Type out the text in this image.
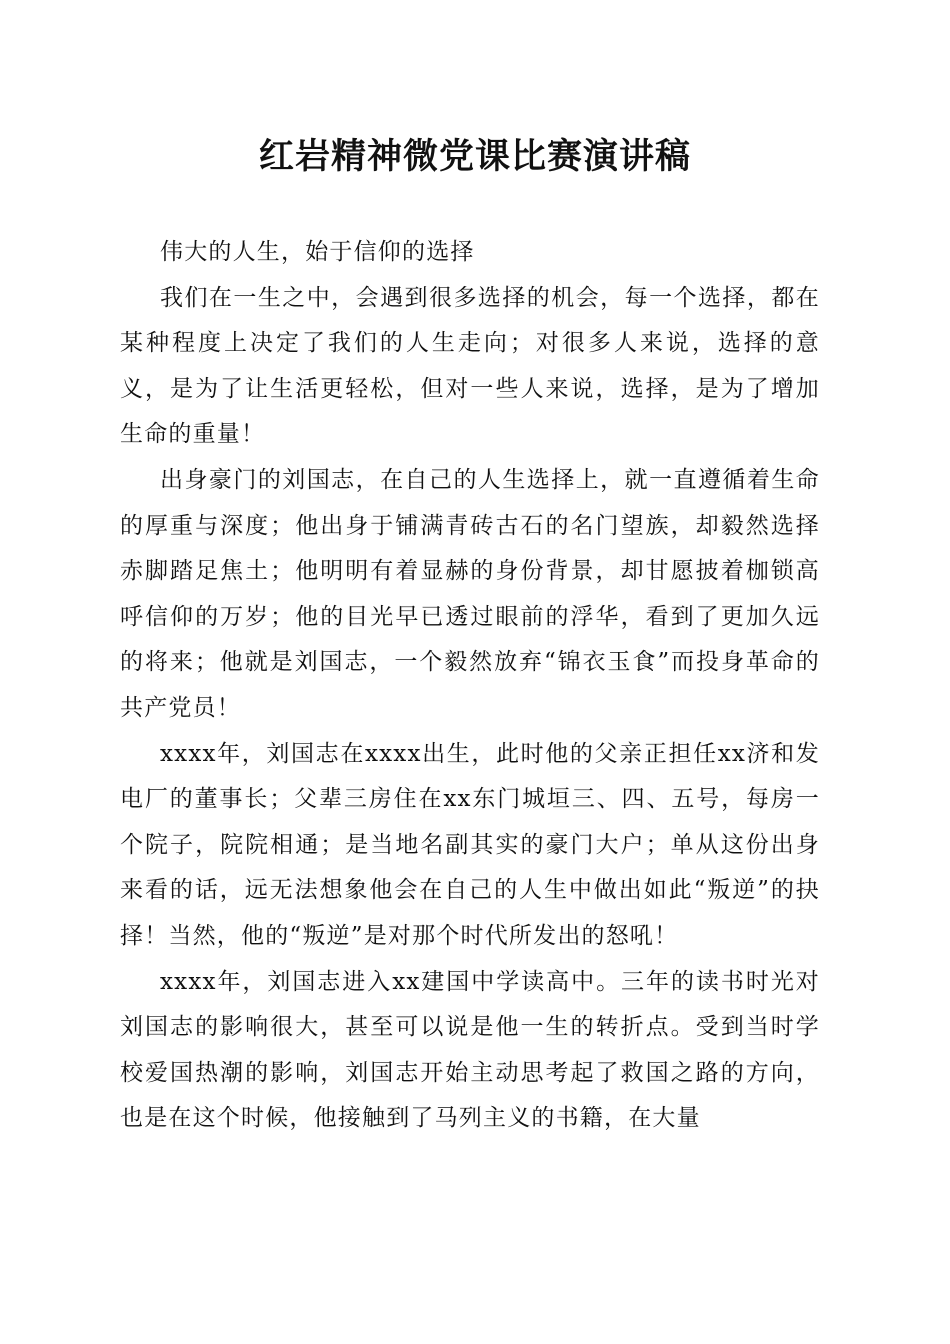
红岩精神微党课比赛演讲稿

伟大的人生，始于信仰的选择

我们在一生之中，会遇到很多选择的机会，每一个选择，都在某种程度上决定了我们的人生走向；对很多人来说，选择的意义，是为了让生活更轻松，但对一些人来说，选择，是为了增加生命的重量！

出身豪门的刘国志，在自己的人生选择上，就一直遵循着生命的厚重与深度；他出身于铺满青砖古石的名门望族，却毅然选择赤脚踏足焦土；他明明有着显赫的身份背景，却甘愿披着枷锁高呼信仰的万岁；他的目光早已透过眼前的浮华，看到了更加久远的将来；他就是刘国志，一个毅然放弃“锦衣玉食”而投身革命的共产党员！

xxxx年，刘国志在xxxx出生，此时他的父亲正担任xx济和发电厂的董事长；父辈三房住在xx东门城垣三、四、五号，每房一个院子，院院相通；是当地名副其实的豪门大户；单从这份出身来看的话，远无法想象他会在自己的人生中做出如此“叛逆”的抉择！当然，他的“叛逆”是对那个时代所发出的怒吼！

xxxx年，刘国志进入xx建国中学读高中。三年的读书时光对刘国志的影响很大，甚至可以说是他一生的转折点。受到当时学校爱国热潮的影响，刘国志开始主动思考起了救国之路的方向，也是在这个时候，他接触到了马列主义的书籍，在大量
